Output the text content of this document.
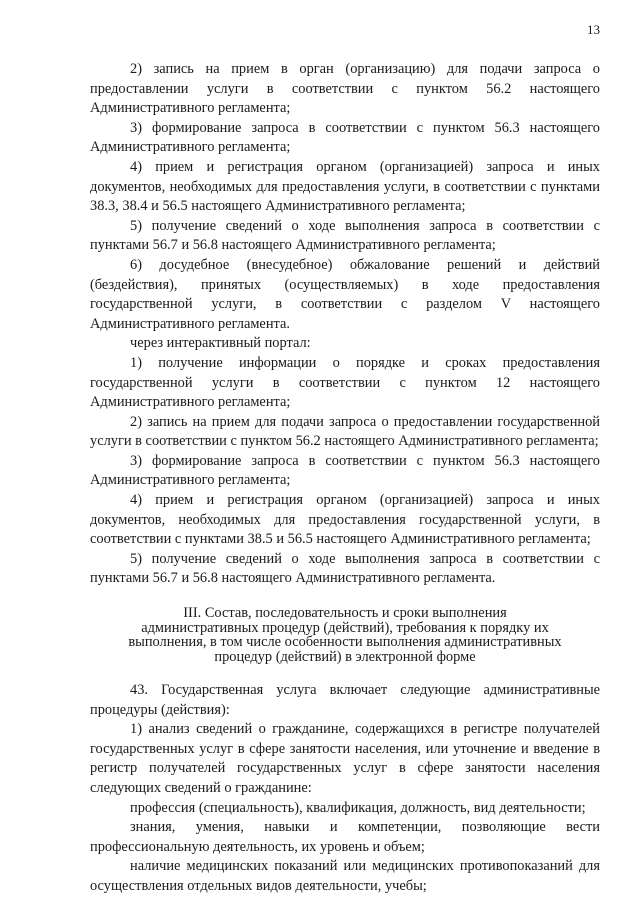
13

2) запись на прием в орган (организацию) для подачи запроса о предоставлении услуги в соответствии с пунктом 56.2 настоящего Административного регламента;

3) формирование запроса в соответствии с пунктом 56.3 настоящего Административного регламента;

4) прием и регистрация органом (организацией) запроса и иных документов, необходимых для предоставления услуги, в соответствии с пунктами 38.3, 38.4 и 56.5 настоящего Административного регламента;

5) получение сведений о ходе выполнения запроса в соответствии с пунктами 56.7 и 56.8 настоящего Административного регламента;

6) досудебное (внесудебное) обжалование решений и действий (бездействия), принятых (осуществляемых) в ходе предоставления государственной услуги, в соответствии с разделом V настоящего Административного регламента.

через интерактивный портал:

1) получение информации о порядке и сроках предоставления государственной услуги в соответствии с пунктом 12 настоящего Административного регламента;

2) запись на прием для подачи запроса о предоставлении государственной услуги в соответствии с пунктом 56.2 настоящего Административного регламента;

3) формирование запроса в соответствии с пунктом 56.3 настоящего Административного регламента;

4) прием и регистрация органом (организацией) запроса и иных документов, необходимых для предоставления государственной услуги, в соответствии с пунктами 38.5 и 56.5 настоящего Административного регламента;

5) получение сведений о ходе выполнения запроса в соответствии с пунктами 56.7 и 56.8 настоящего Административного регламента.

III. Состав, последовательность и сроки выполнения административных процедур (действий), требования к порядку их выполнения, в том числе особенности выполнения административных процедур (действий) в электронной форме

43. Государственная услуга включает следующие административные процедуры (действия):

1) анализ сведений о гражданине, содержащихся в регистре получателей государственных услуг в сфере занятости населения, или уточнение и введение в регистр получателей государственных услуг в сфере занятости населения следующих сведений о гражданине:

профессия (специальность), квалификация, должность, вид деятельности;

знания, умения, навыки и компетенции, позволяющие вести профессиональную деятельность, их уровень и объем;

наличие медицинских показаний или медицинских противопоказаний для осуществления отдельных видов деятельности, учебы;
